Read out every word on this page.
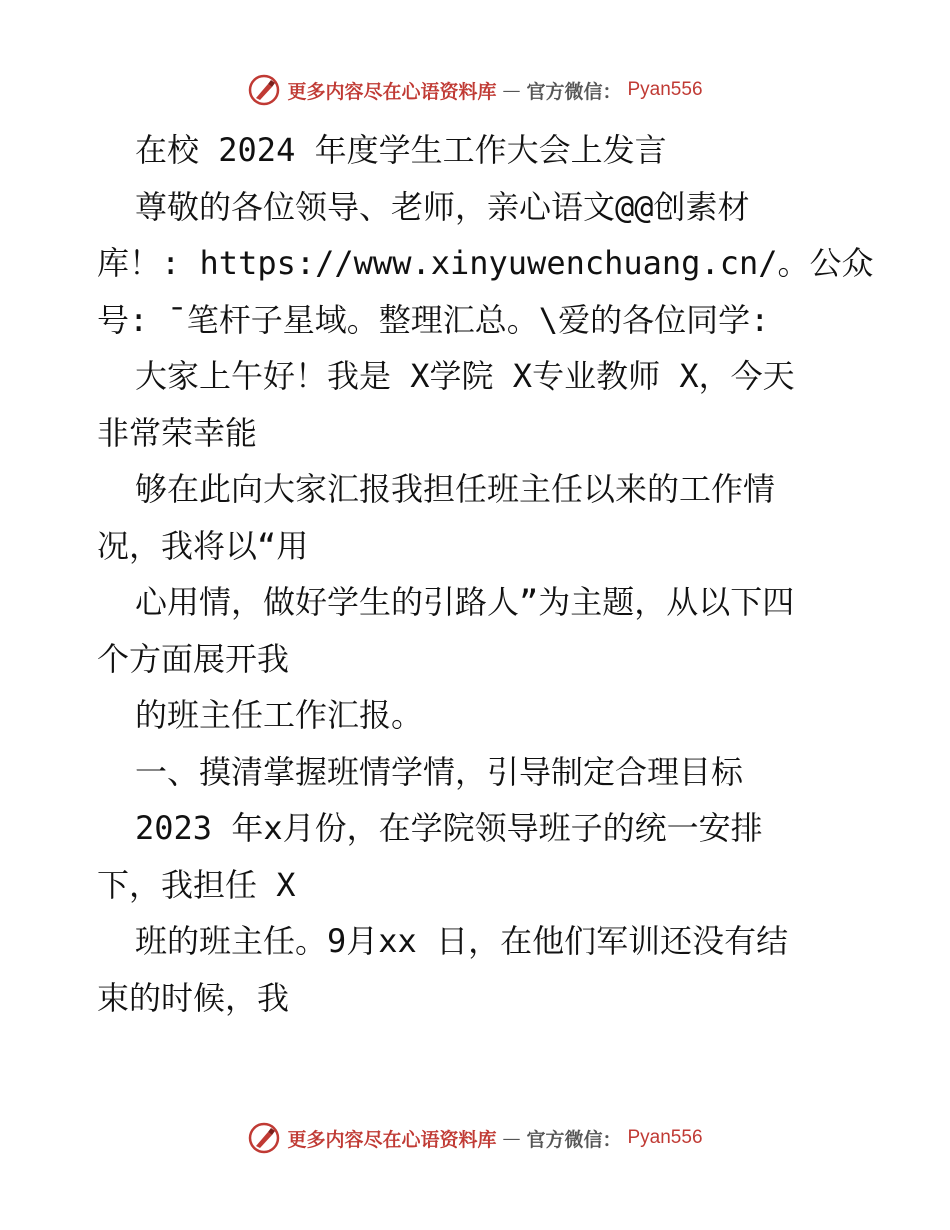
更多内容尽在心语资料库 — 官方微信： Pyan556
在校 2024 年度学生工作大会上发言
尊敬的各位领导、老师，亲心语文@@创素材
库！: https://www.xinyuwenchuang.cn/。公众
号: ¯笔杆子星域。整理汇总。\爱的各位同学:
大家上午好！我是 X学院 X专业教师 X，今天
非常荣幸能
够在此向大家汇报我担任班主任以来的工作情
况，我将以“用
心用情，做好学生的引路人”为主题，从以下四
个方面展开我
的班主任工作汇报。
一、摸清掌握班情学情，引导制定合理目标
2023 年x月份，在学院领导班子的统一安排
下，我担任 X
班的班主任。9月xx 日，在他们军训还没有结
束的时候，我
更多内容尽在心语资料库 — 官方微信： Pyan556
